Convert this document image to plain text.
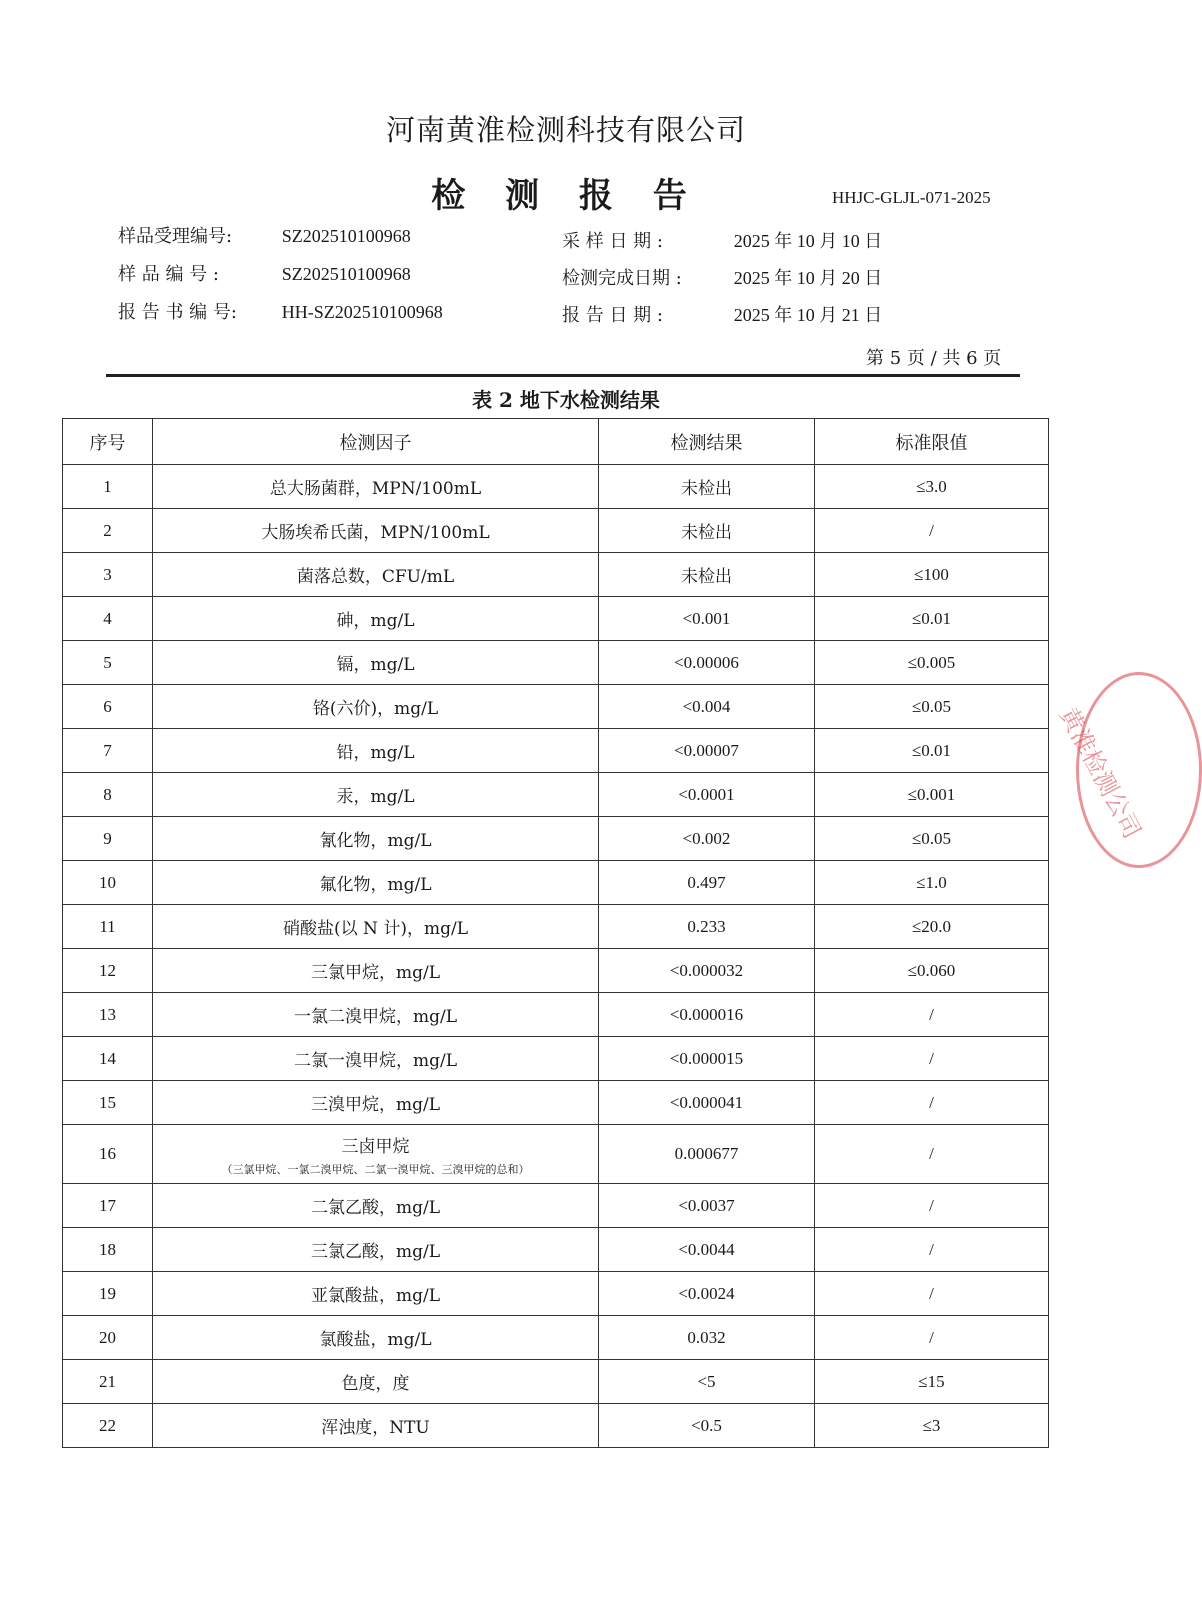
河南黄淮检测科技有限公司
检 测 报 告	HHJC-GLJL-071-2025
样品受理编号:	SZ202510100968
样 品 编 号 :	SZ202510100968
报 告 书 编 号: HH-SZ202510100968
采 样 日 期 :	2025 年 10 月 10 日
检测完成日期 :	2025 年 10 月 20 日
报 告 日 期 :	2025 年 10 月 21 日
第 5 页 / 共 6 页
表 2 地下水检测结果
序号	检测因子	检测结果	标准限值
1	总大肠菌群，MPN/100mL	未检出	≤3.0
2	大肠埃希氏菌，MPN/100mL	未检出	/
3	菌落总数，CFU/mL	未检出	≤100
4	砷，mg/L	<0.001	≤0.01
5	镉，mg/L	<0.00006	≤0.005
6	铬(六价)，mg/L	<0.004	≤0.05
7	铅，mg/L	<0.00007	≤0.01
8	汞，mg/L	<0.0001	≤0.001
9	氰化物，mg/L	<0.002	≤0.05
10	氟化物，mg/L	0.497	≤1.0
11	硝酸盐(以 N 计)，mg/L	0.233	≤20.0
12	三氯甲烷，mg/L	<0.000032	≤0.060
13	一氯二溴甲烷，mg/L	<0.000016	/
14	二氯一溴甲烷，mg/L	<0.000015	/
15	三溴甲烷，mg/L	<0.000041	/
16	三卤甲烷
（三氯甲烷、一氯二溴甲烷、二氯一溴甲烷、三溴甲烷的总和）	0.000677	/
17	二氯乙酸，mg/L	<0.0037	/
18	三氯乙酸，mg/L	<0.0044	/
19	亚氯酸盐，mg/L	<0.0024	/
20	氯酸盐，mg/L	0.032	/
21	色度，度	<5	≤15
22	浑浊度，NTU	<0.5	≤3
黄淮检测公司
